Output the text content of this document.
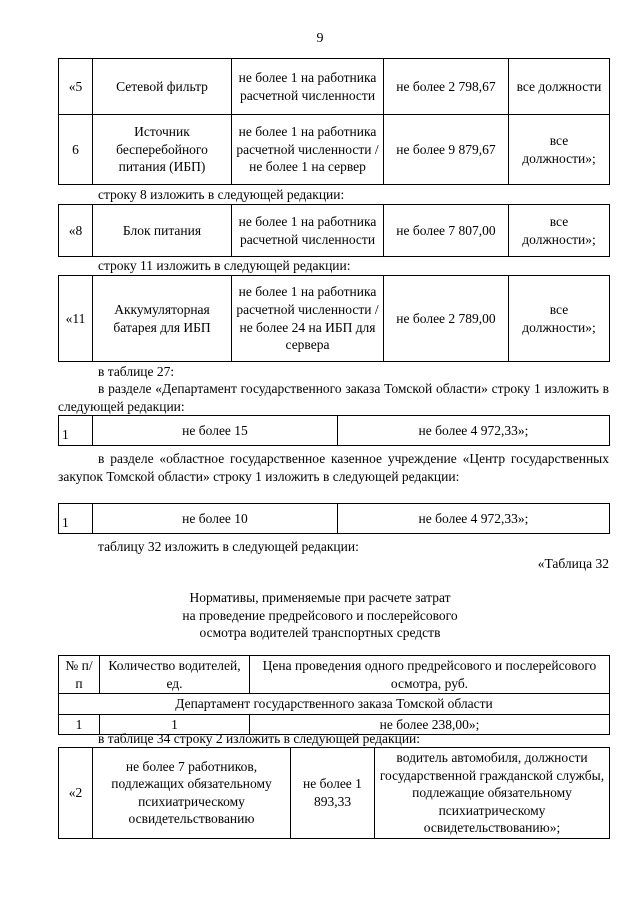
9
«5	Сетевой фильтр	не более 1 на работника расчетной численности	не более 2 798,67	все должности
6	Источник бесперебойного питания (ИБП)	не более 1 на работника расчетной численности / не более 1 на сервер	не более 9 879,67	все должности»;

строку 8 изложить в следующей редакции:

«8	Блок питания	не более 1 на работника расчетной численности	не более 7 807,00	все должности»;

строку 11 изложить в следующей редакции:

«11	Аккумуляторная батарея для ИБП	не более 1 на работника расчетной численности / не более 24 на ИБП для сервера	не более 2 789,00	все должности»;

в таблице 27:

в разделе «Департамент государственного заказа Томской области» строку 1 изложить в следующей редакции:

1	не более 15	не более 4 972,33»;

в разделе «областное государственное казенное учреждение «Центр государственных закупок Томской области» строку 1 изложить в следующей редакции:

1	не более 10	не более 4 972,33»;

таблицу 32 изложить в следующей редакции:

«Таблица 32

Нормативы, применяемые при расчете затрат
на проведение предрейсового и послерейсового
осмотра водителей транспортных средств
№ п/п	Количество водителей, ед.	Цена проведения одного предрейсового и послерейсового осмотра, руб.
Департамент государственного заказа Томской области		
1	1	не более 238,00»;

в таблице 34 строку 2 изложить в следующей редакции:

«2	не более 7 работников, подлежащих обязательному психиатрическому освидетельствованию	не более 1 893,33	водитель автомобиля, должности государственной гражданской службы, подлежащие обязательному психиатрическому освидетельствованию»;
